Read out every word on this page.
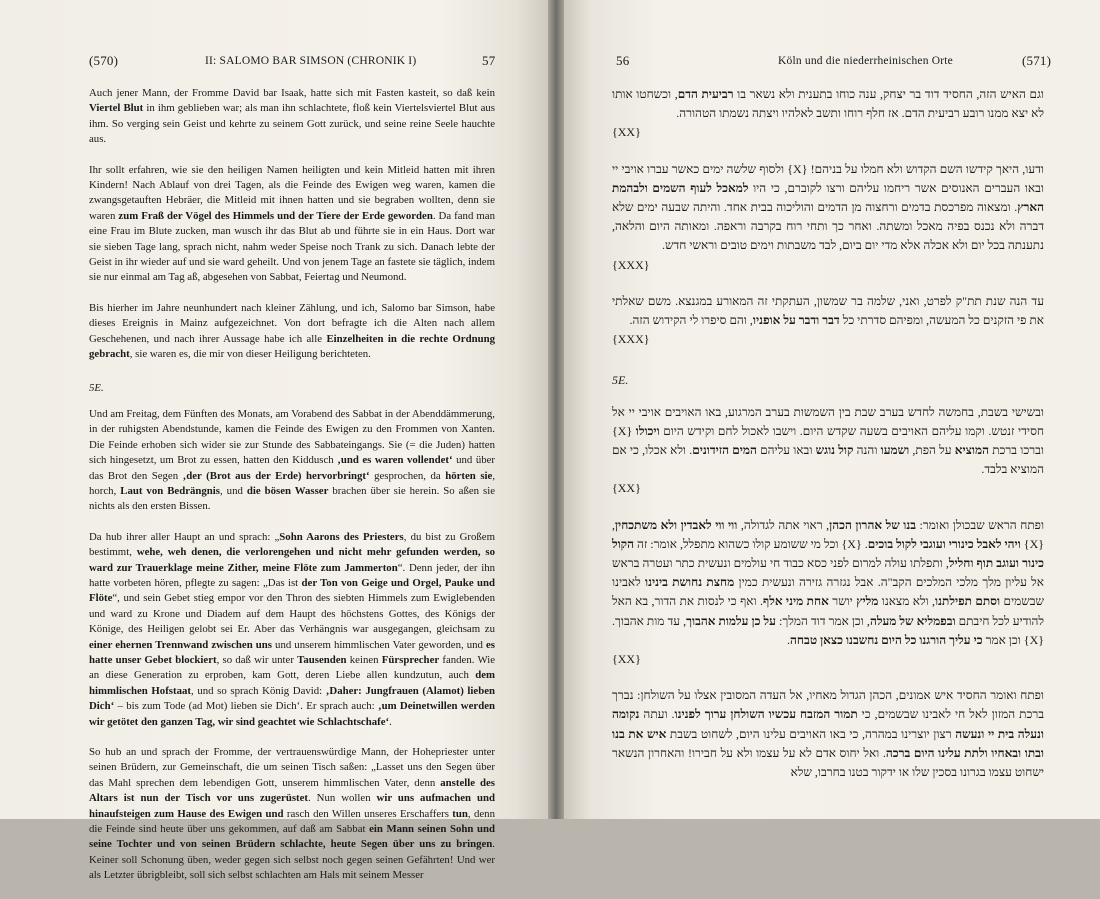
(570)	II: SALOMO BAR SIMSON (CHRONIK I)	57

Auch jener Mann, der Fromme David bar Isaak, hatte sich mit Fasten kasteit, so daß kein Viertel Blut in ihm geblieben war; als man ihn schlachtete, floß kein Viertelsviertel Blut aus ihm. So verging sein Geist und kehrte zu seinem Gott zurück, und seine reine Seele hauchte aus.

Ihr sollt erfahren, wie sie den heiligen Namen heiligten und kein Mitleid hatten mit ihren Kindern! Nach Ablauf von drei Tagen, als die Feinde des Ewigen weg waren, kamen die zwangsgetauften Hebräer, die Mitleid mit ihnen hatten und sie begraben wollten, denn sie waren zum Fraß der Vögel des Himmels und der Tiere der Erde geworden. Da fand man eine Frau im Blute zucken, man wusch ihr das Blut ab und führte sie in ein Haus. Dort war sie sieben Tage lang, sprach nicht, nahm weder Speise noch Trank zu sich. Danach lebte der Geist in ihr wieder auf und sie ward geheilt. Und von jenem Tage an fastete sie täglich, indem sie nur einmal am Tag aß, abgesehen von Sabbat, Feiertag und Neumond.

Bis hierher im Jahre neunhundert nach kleiner Zählung, und ich, Salomo bar Simson, habe dieses Ereignis in Mainz aufgezeichnet. Von dort befragte ich die Alten nach allem Geschehenen, und nach ihrer Aussage habe ich alle Einzelheiten in die rechte Ordnung gebracht, sie waren es, die mir von dieser Heiligung berichteten.

5E.

Und am Freitag, dem Fünften des Monats, am Vorabend des Sabbat in der Abenddämmerung, in der ruhigsten Abendstunde, kamen die Feinde des Ewigen zu den Frommen von Xanten. Die Feinde erhoben sich wider sie zur Stunde des Sabbateingangs. Sie (= die Juden) hatten sich hingesetzt, um Brot zu essen, hatten den Kiddusch ‚und es waren vollendet‘ und über das Brot den Segen ‚der (Brot aus der Erde) hervorbringt‘ gesprochen, da hörten sie, horch, Laut von Bedrängnis, und die bösen Wasser brachen über sie herein. So aßen sie nichts als den ersten Bissen.

Da hub ihrer aller Haupt an und sprach: „Sohn Aarons des Priesters, du bist zu Großem bestimmt, wehe, weh denen, die verlorengehen und nicht mehr gefunden werden, so ward zur Trauerklage meine Zither, meine Flöte zum Jammerton“. Denn jeder, der ihn hatte vorbeten hören, pflegte zu sagen: „Das ist der Ton von Geige und Orgel, Pauke und Flöte“, und sein Gebet stieg empor vor den Thron des siebten Himmels zum Ewiglebenden und ward zu Krone und Diadem auf dem Haupt des höchstens Gottes, des Königs der Könige, des Heiligen gelobt sei Er. Aber das Verhängnis war ausgegangen, gleichsam zu einer ehernen Trennwand zwischen uns und unserem himmlischen Vater geworden, und es hatte unser Gebet blockiert, so daß wir unter Tausenden keinen Fürsprecher fanden. Wie an diese Generation zu erproben, kam Gott, deren Liebe allen kundzutun, auch dem himmlischen Hofstaat, und so sprach König David: ‚Daher: Jungfrauen (Alamot) lieben Dich‘ – bis zum Tode (ad Mot) lieben sie Dich‘. Er sprach auch: ‚um Deinetwillen werden wir getötet den ganzen Tag, wir sind geachtet wie Schlachtschafe‘.

So hub an und sprach der Fromme, der vertrauenswürdige Mann, der Hohepriester unter seinen Brüdern, zur Gemeinschaft, die um seinen Tisch saßen: „Lasset uns den Segen über das Mahl sprechen dem lebendigen Gott, unserem himmlischen Vater, denn anstelle des Altars ist nun der Tisch vor uns zugerüstet. Nun wollen wir uns aufmachen und hinaufsteigen zum Hause des Ewigen und rasch den Willen unseres Erschaffers tun, denn die Feinde sind heute über uns gekommen, auf daß am Sabbat ein Mann seinen Sohn und seine Tochter und von seinen Brüdern schlachte, heute Segen über uns zu bringen. Keiner soll Schonung üben, weder gegen sich selbst noch gegen seinen Gefährten! Und wer als Letzter übrigbleibt, soll sich selbst schlachten am Hals mit seinem Messer

56	Köln und die niederrheinischen Orte	(571)

וגם האיש הזה, החסיד דוד בר יצחק, ענה כוחו בתענית ולא נשאר בו רביעית הדם, וכשחטו אותו לא יצא ממנו רובע רביעית הדם. אז חלף רוחו ותשב לאלהיו ויצתה נשמתו הטהורה.
{XX}

ודעו, היאך קידשו השם הקדוש ולא חמלו על בניהם! {X} ולסוף שלשה ימים כאשר עברו אויבי יי ובאו העברים האנוסים אשר ריחמו עליהם ורצו לקוברם, כי היו למאכל לעוף השמים ולבהמת הארץ. ומצאוה מפרכסת בדמים ורחצוה מן הדמים והוליכוה בבית אחד. והיתה שבעה ימים שלא דברה ולא נכנס בפיה מאכל ומשתה. ואחר כך ותחי רוח בקרבה וראפה. ומאותה היום והלאה, נתענתה בכל יום ולא אכלה אלא מדי יום ביום, לבד משבתות וימים טובים וראשי חדש.
{XXX}

עד הנה שנת תת"ק לפרט, ואני, שלמה בר שמשון, העתקתי זה המאורע במגנצא. משם שאלתי את פי הזקנים כל המעשה, ומפיהם סדרתי כל דבר ודבר על אופניו, והם סיפרו לי הקידוש הזה.
{XXX}

5E.

ובשישי בשבת, בחמשה לחדש בערב שבת בין השמשות בערב המרגוע, באו האויבים אויבי יי אל חסידי זנטש. וקמו עליהם האויבים בשעה שקדש היום. וישבו לאכול לחם וקידש היום ויכולו {X} וברכו ברכת המוציא על הפת, ושמעו והנה קול נוגש ובאו עליהם המים הזידונים. ולא אכלו, כי אם המוציא בלבד.
{XX}

ופתח הראש שבכולן ואומר: בנו של אהרון הכהן, ראוי אתה לגדולה, ווי ווי לאבדין ולא משתכחין, {X} ויהי לאבל כינורי ועוגבי לקול בוכים. {X} וכל מי ששומע קולו כשהוא מתפלל, אומר: זה הקול כינור ועוגב תוף וחליל, ותפלתו עולה למרום לפני כסא כבוד חי עולמים ונעשית כתר ועטרה בראש אל עליון מלך מלכי המלכים הקב"ה. אבל נגזרה גזירה ונעשית כמין מחצת נחושת בינינו לאבינו שבשמים וסתם תפילתנו, ולא מצאנו מליץ יושר אחת מיני אלף. ואף כי לנסות את הדור, בא האל להודיע לכל חיבתם ובפמליא של מעלה, וכן אמר דוד המלך: על כן עלמות אהבוך, עד מות אהבוך. {X} וכן אמר כי עליך הורגנו כל היום נחשבנו כצאן טבחה.
{XX}

ופתח ואומר החסיד איש אמונים, הכהן הגדול מאחיו, אל העדה המסובין אצלו על השולחן: נברך ברכת המזון לאל חי לאבינו שבשמים, כי תמור המזבח עכשיו השולחן ערוך לפנינו. ועתה נקומה ונעלה בית יי ונעשה רצון יוצרינו במהרה, כי באו האויבים עלינו היום, לשחוט בשבת איש את בנו ובתו ובאחיו ולתת עלינו היום ברכה. ואל יחוס אדם לא על עצמו ולא על חבירו! והאחרון הנשאר ישחוט עצמו בגרונו בסכין שלו או ידקור בטנו בחרבו, שלא
